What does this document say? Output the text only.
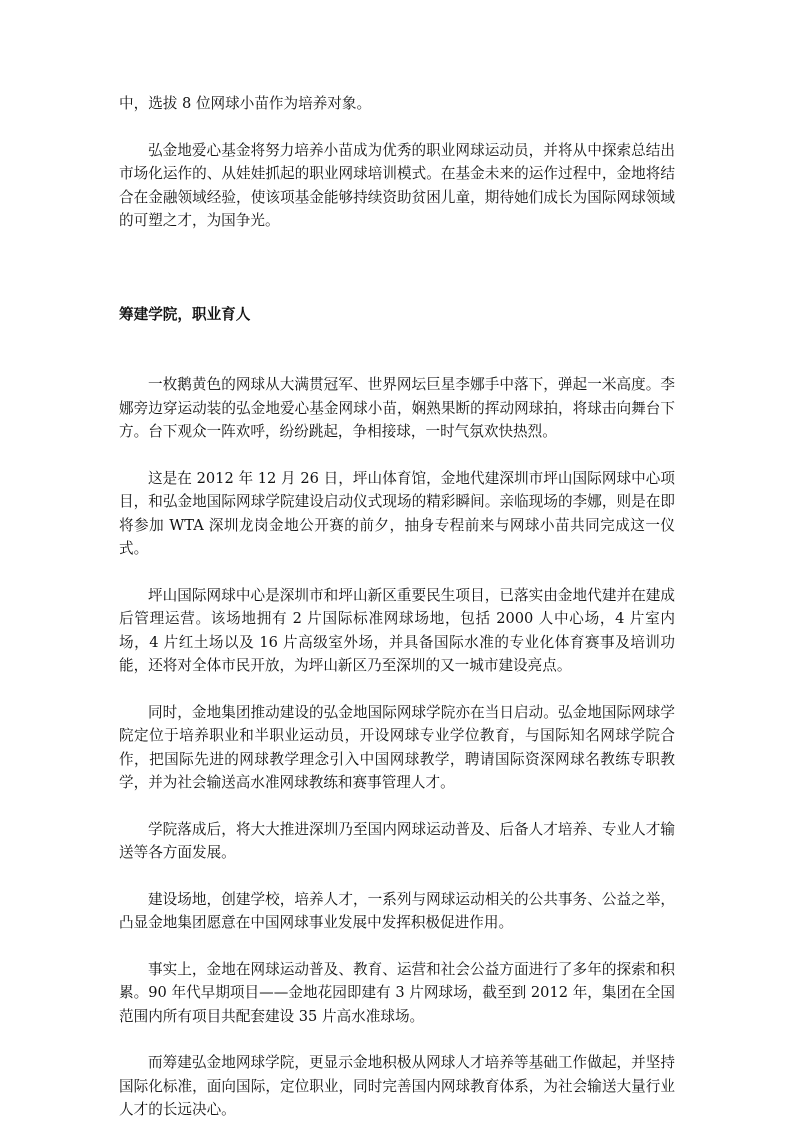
中，选拔 8 位网球小苗作为培养对象。

弘金地爱心基金将努力培养小苗成为优秀的职业网球运动员，并将从中探索总结出市场化运作的、从娃娃抓起的职业网球培训模式。在基金未来的运作过程中，金地将结合在金融领域经验，使该项基金能够持续资助贫困儿童，期待她们成长为国际网球领域的可塑之才，为国争光。

筹建学院，职业育人

一枚鹅黄色的网球从大满贯冠军、世界网坛巨星李娜手中落下，弹起一米高度。李娜旁边穿运动装的弘金地爱心基金网球小苗，娴熟果断的挥动网球拍，将球击向舞台下方。台下观众一阵欢呼，纷纷跳起，争相接球，一时气氛欢快热烈。

这是在 2012 年 12 月 26 日，坪山体育馆，金地代建深圳市坪山国际网球中心项目，和弘金地国际网球学院建设启动仪式现场的精彩瞬间。亲临现场的李娜，则是在即将参加 WTA 深圳龙岗金地公开赛的前夕，抽身专程前来与网球小苗共同完成这一仪式。

坪山国际网球中心是深圳市和坪山新区重要民生项目，已落实由金地代建并在建成后管理运营。该场地拥有 2 片国际标准网球场地，包括 2000 人中心场，4 片室内场，4 片红土场以及 16 片高级室外场，并具备国际水准的专业化体育赛事及培训功能，还将对全体市民开放，为坪山新区乃至深圳的又一城市建设亮点。

同时，金地集团推动建设的弘金地国际网球学院亦在当日启动。弘金地国际网球学院定位于培养职业和半职业运动员，开设网球专业学位教育，与国际知名网球学院合作，把国际先进的网球教学理念引入中国网球教学，聘请国际资深网球名教练专职教学，并为社会输送高水准网球教练和赛事管理人才。

学院落成后，将大大推进深圳乃至国内网球运动普及、后备人才培养、专业人才输送等各方面发展。

建设场地，创建学校，培养人才，一系列与网球运动相关的公共事务、公益之举，凸显金地集团愿意在中国网球事业发展中发挥积极促进作用。

事实上，金地在网球运动普及、教育、运营和社会公益方面进行了多年的探索和积累。90 年代早期项目——金地花园即建有 3 片网球场，截至到 2012 年，集团在全国范围内所有项目共配套建设 35 片高水准球场。

而筹建弘金地网球学院，更显示金地积极从网球人才培养等基础工作做起，并坚持国际化标准，面向国际，定位职业，同时完善国内网球教育体系，为社会输送大量行业人才的长远决心。
